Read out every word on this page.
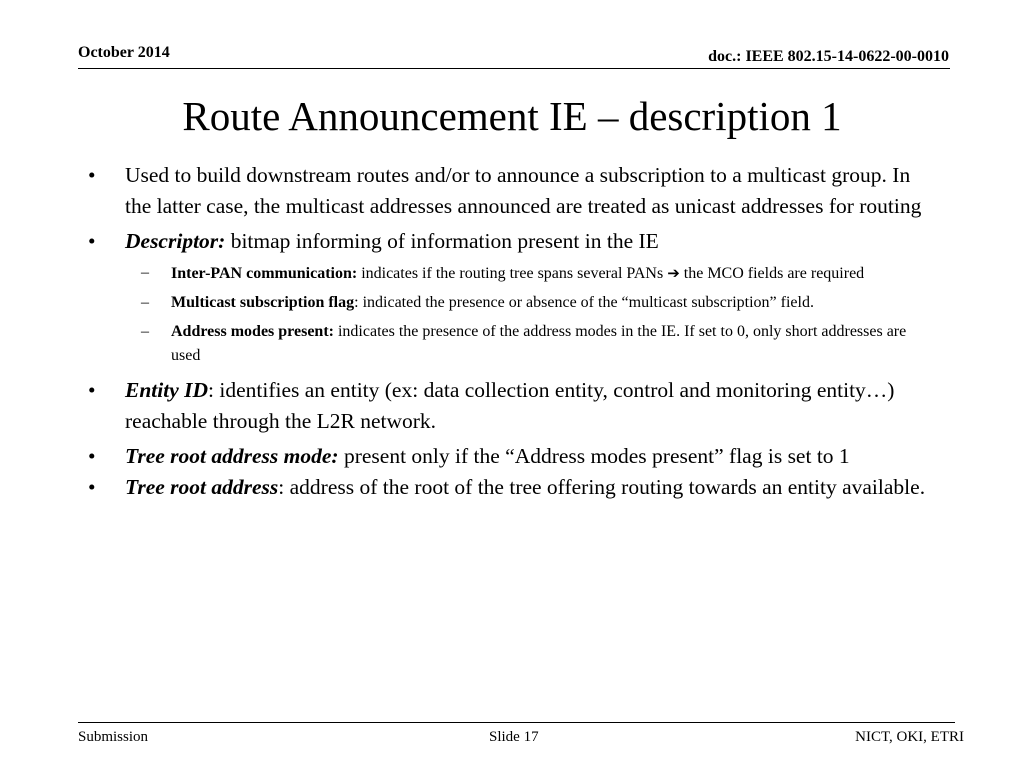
October 2014	doc.: IEEE 802.15-14-0622-00-0010
Route Announcement IE – description 1
• Used to build downstream routes and/or to announce a subscription to a multicast group. In the latter case, the multicast addresses announced are treated as unicast addresses for routing
• Descriptor: bitmap informing of information present in the IE
– Inter-PAN communication: indicates if the routing tree spans several PANs ➔ the MCO fields are required
– Multicast subscription flag: indicated the presence or absence of the “multicast subscription” field.
– Address modes present: indicates the presence of the address modes in the IE. If set to 0, only short addresses are used
• Entity ID: identifies an entity (ex: data collection entity, control and monitoring entity…) reachable through the L2R network.
• Tree root address mode: present only if the “Address modes present” flag is set to 1
• Tree root address: address of the root of the tree offering routing towards an entity available.
Submission	Slide 17	NICT, OKI, ETRI
